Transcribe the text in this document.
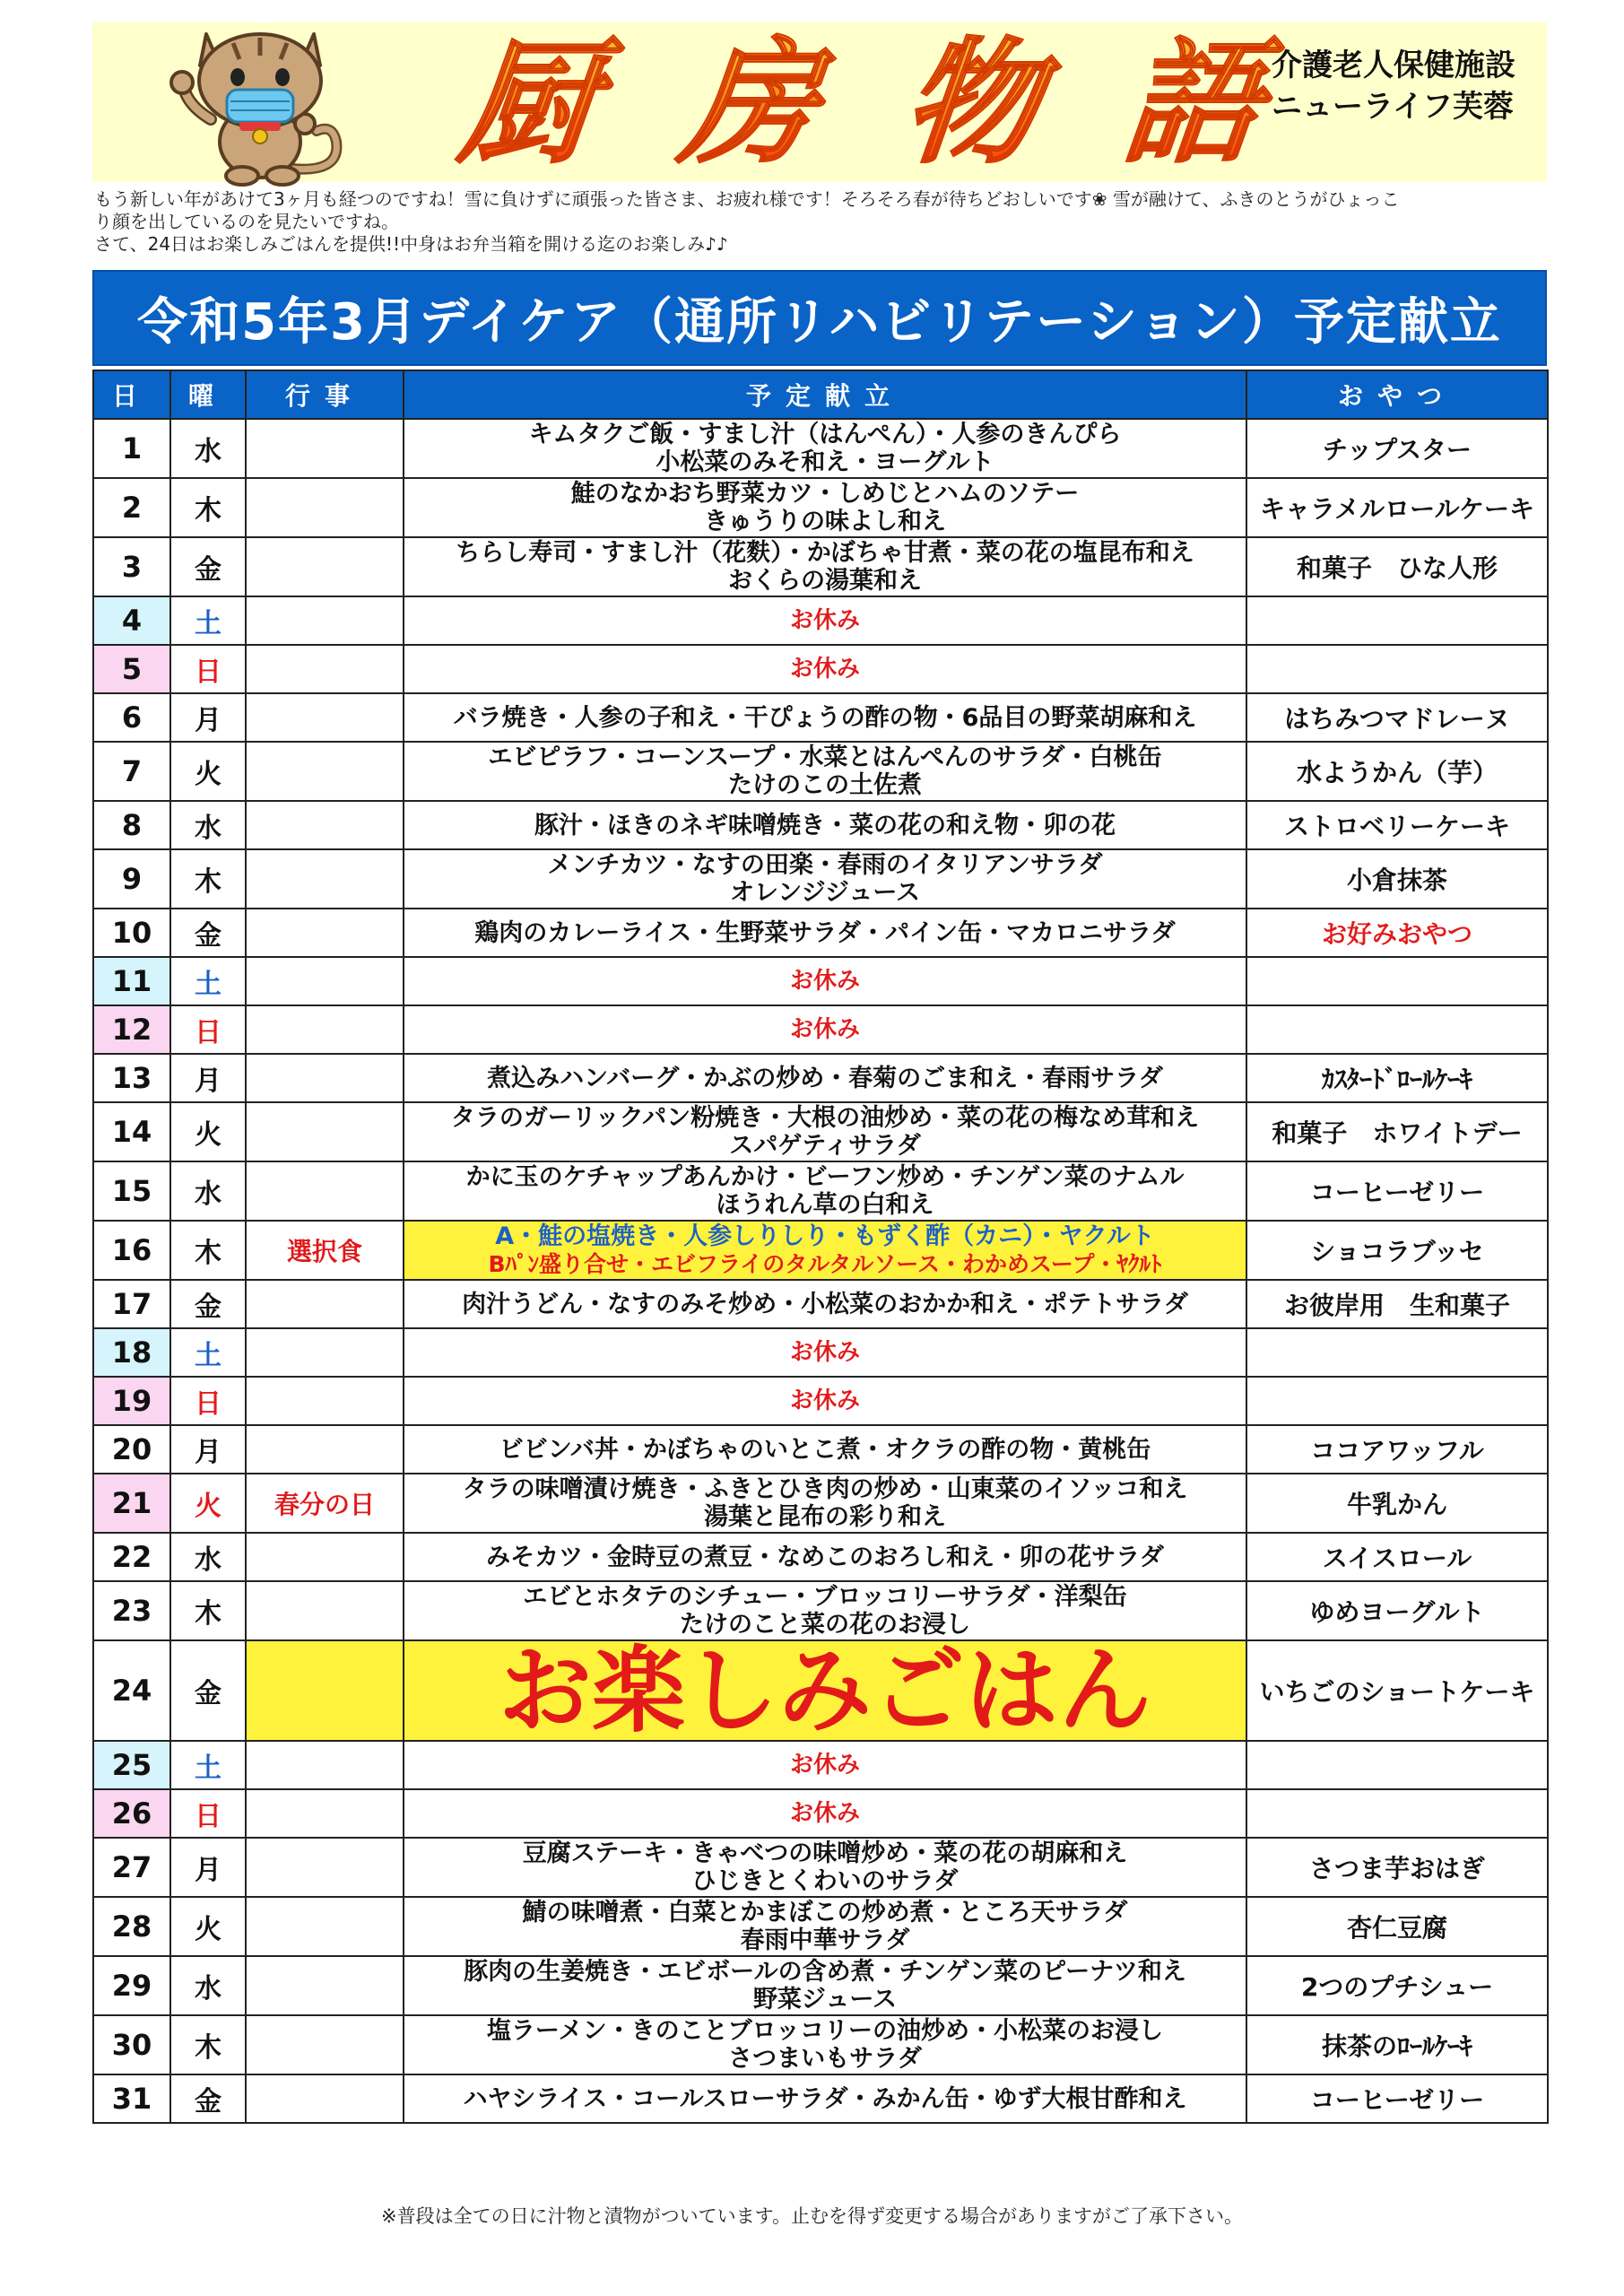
厨 房 物 語 介護老人保健施設
ニューライフ芙蓉
もう新しい年があけて3ヶ月も経つのですね！雪に負けずに頑張った皆さま、お疲れ様です！そろそろ春が待ちどおしいです❀ 雪が融けて、ふきのとうがひょっこ
り顔を出しているのを見たいですね。
さて、24日はお楽しみごはんを提供!!中身はお弁当箱を開ける迄のお楽しみ♪♪
令和5年3月デイケア（通所リハビリテーション）予定献立
日	曜	行事	予定献立	おやつ
1	水		キムタクご飯・すまし汁（はんぺん）・人参のきんぴら
小松菜のみそ和え・ヨーグルト	チップスター
2	木		鮭のなかおち野菜カツ・しめじとハムのソテー
きゅうりの味よし和え	キャラメルロールケーキ
3	金		ちらし寿司・すまし汁（花麩）・かぼちゃ甘煮・菜の花の塩昆布和え
おくらの湯葉和え	和菓子　ひな人形
4	土		お休み	

5	日		お休み	

6	月		バラ焼き・人参の子和え・干ぴょうの酢の物・6品目の野菜胡麻和え	はちみつマドレーヌ
7	火		エビピラフ・コーンスープ・水菜とはんぺんのサラダ・白桃缶
たけのこの土佐煮	水ようかん（芋）
8	水		豚汁・ほきのネギ味噌焼き・菜の花の和え物・卯の花	ストロベリーケーキ
9	木		メンチカツ・なすの田楽・春雨のイタリアンサラダ
オレンジジュース	小倉抹茶
10	金		鶏肉のカレーライス・生野菜サラダ・パイン缶・マカロニサラダ	お好みおやつ
11	土		お休み	

12	日		お休み	

13	月		煮込みハンバーグ・かぶの炒め・春菊のごま和え・春雨サラダ	ｶｽﾀｰﾄﾞﾛｰﾙｹｰｷ
14	火		タラのガーリックパン粉焼き・大根の油炒め・菜の花の梅なめ茸和え
スパゲティサラダ	和菓子　ホワイトデー
15	水		かに玉のケチャップあんかけ・ビーフン炒め・チンゲン菜のナムル
ほうれん草の白和え	コーヒーゼリー
16	木	選択食	A・鮭の塩焼き・人参しりしり・もずく酢（カニ）・ヤクルト
Bﾊﾟﾝ盛り合せ・エビフライのタルタルソース・わかめスープ・ﾔｸﾙﾄ	ショコラブッセ
17	金		肉汁うどん・なすのみそ炒め・小松菜のおかか和え・ポテトサラダ	お彼岸用　生和菓子
18	土		お休み	

19	日		お休み	

20	月		ビビンバ丼・かぼちゃのいとこ煮・オクラの酢の物・黄桃缶	ココアワッフル
21	火	春分の日	タラの味噌漬け焼き・ふきとひき肉の炒め・山東菜のイソッコ和え
湯葉と昆布の彩り和え	牛乳かん
22	水		みそカツ・金時豆の煮豆・なめこのおろし和え・卯の花サラダ	スイスロール
23	木		エビとホタテのシチュー・ブロッコリーサラダ・洋梨缶
たけのこと菜の花のお浸し	ゆめヨーグルト
24	金		お楽しみごはん	いちごのショートケーキ
25	土		お休み	

26	日		お休み	

27	月		豆腐ステーキ・きゃべつの味噌炒め・菜の花の胡麻和え
ひじきとくわいのサラダ	さつま芋おはぎ
28	火		鯖の味噌煮・白菜とかまぼこの炒め煮・ところ天サラダ
春雨中華サラダ	杏仁豆腐
29	水		豚肉の生姜焼き・エビボールの含め煮・チンゲン菜のピーナツ和え
野菜ジュース	2つのプチシュー
30	木		塩ラーメン・きのことブロッコリーの油炒め・小松菜のお浸し
さつまいもサラダ	抹茶のﾛｰﾙｹｰｷ
31	金		ハヤシライス・コールスローサラダ・みかん缶・ゆず大根甘酢和え	コーヒーゼリー
※普段は全ての日に汁物と漬物がついています。止むを得ず変更する場合がありますがご了承下さい。
